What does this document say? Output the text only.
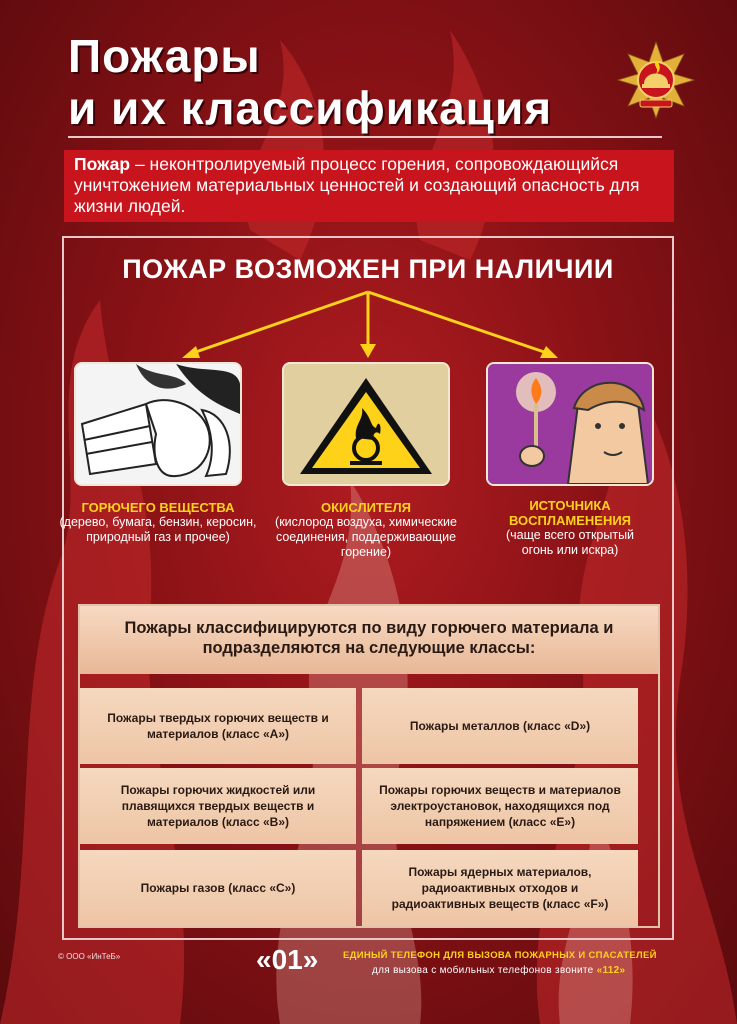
Пожары
и их классификация
Пожар – неконтролируемый процесс горения, сопровождающийся уничтожением материальных ценностей и создающий опасность для жизни людей.
ПОЖАР ВОЗМОЖЕН ПРИ НАЛИЧИИ
ГОРЮЧЕГО ВЕЩЕСТВА
(дерево, бумага, бензин, керосин, природный газ и прочее)
ОКИСЛИТЕЛЯ
(кислород воздуха, химические соединения, поддерживающие горение)
ИСТОЧНИКА ВОСПЛАМЕНЕНИЯ
(чаще всего открытый огонь или искра)
Пожары классифицируются по виду горючего материала и подразделяются на следующие классы:
Пожары твердых горючих веществ и материалов (класс «А»)
Пожары металлов (класс «D»)
Пожары горючих жидкостей или плавящихся твердых веществ и материалов (класс «В»)
Пожары горючих веществ и материалов электроустановок, находящихся под напряжением (класс «Е»)
Пожары газов (класс «С»)
Пожары ядерных материалов, радиоактивных отходов и радиоактивных веществ (класс «F»)
© ООО «ИнТеБ»	«01»	ЕДИНЫЙ ТЕЛЕФОН ДЛЯ ВЫЗОВА ПОЖАРНЫХ И СПАСАТЕЛЕЙ
для вызова с мобильных телефонов звоните «112»
